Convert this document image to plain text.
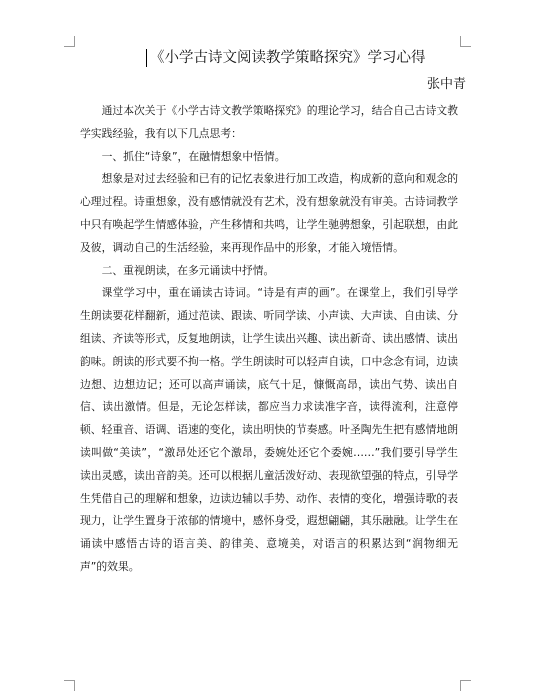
《小学古诗文阅读教学策略探究》学习心得
张中青

通过本次关于《小学古诗文教学策略探究》的理论学习，结合自己古诗文教学实践经验，我有以下几点思考：

一、抓住“诗象”，在融情想象中悟情。

想象是对过去经验和已有的记忆表象进行加工改造，构成新的意向和观念的心理过程。诗重想象，没有感情就没有艺术，没有想象就没有审美。古诗词教学中只有唤起学生情感体验，产生移情和共鸣，让学生驰骋想象，引起联想，由此及彼，调动自己的生活经验，来再现作品中的形象，才能入境悟情。

二、重视朗读，在多元诵读中抒情。

课堂学习中，重在诵读古诗词。“诗是有声的画”。在课堂上，我们引导学生朗读要花样翻新，通过范读、跟读、听同学读、小声读、大声读、自由读、分组读、齐读等形式，反复地朗读，让学生读出兴趣、读出新奇、读出感情、读出韵味。朗读的形式要不拘一格。学生朗读时可以轻声自读，口中念念有词，边读边想、边想边记；还可以高声诵读，底气十足，慷慨高昂，读出气势、读出自信、读出激情。但是，无论怎样读，都应当力求读准字音，读得流利，注意停顿、轻重音、语调、语速的变化，读出明快的节奏感。叶圣陶先生把有感情地朗读叫做“美读”，“激昂处还它个激昂，委婉处还它个委婉……”我们要引导学生读出灵感，读出音韵美。还可以根据儿童活泼好动、表现欲望强的特点，引导学生凭借自己的理解和想象，边读边辅以手势、动作、表情的变化，增强诗歌的表现力，让学生置身于浓郁的情境中，感怀身受，遐想翩翩，其乐融融。让学生在诵读中感悟古诗的语言美、韵律美、意境美，对语言的积累达到“润物细无声”的效果。
